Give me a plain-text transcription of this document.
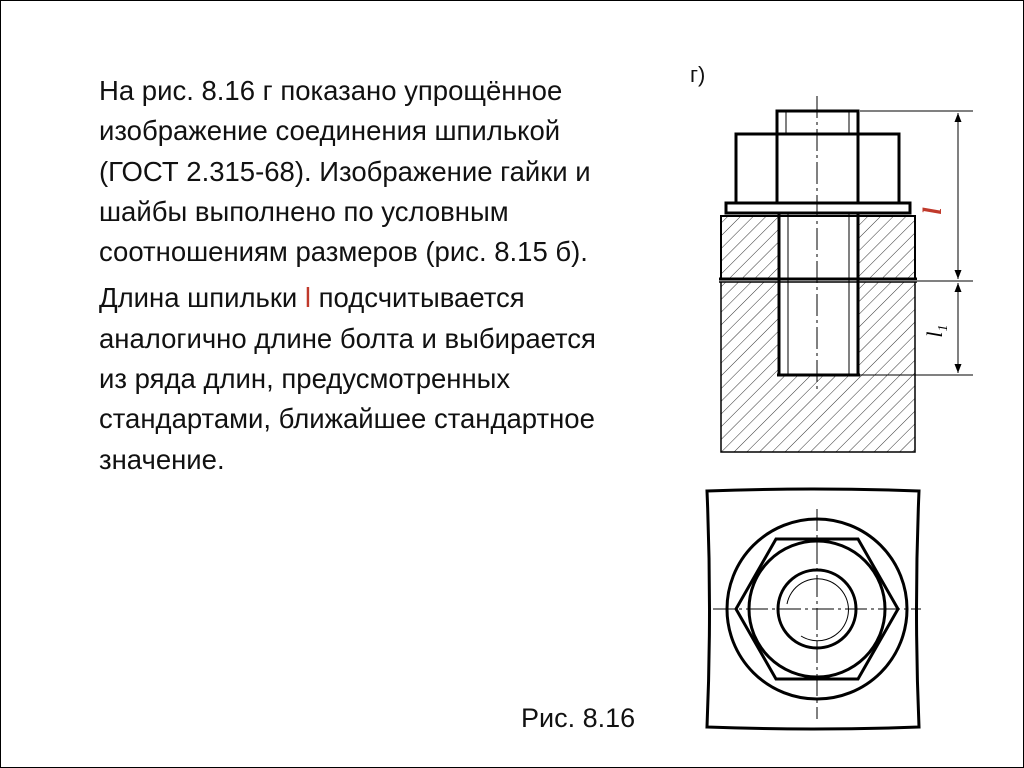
На рис. 8.16 г показано упрощённое изображение соединения шпилькой (ГОСТ 2.315-68). Изображение гайки и шайбы выполнено по условным соотношениям размеров (рис. 8.15 б).

Длина шпильки l подсчитывается аналогично длине болта и выбирается из ряда длин, предусмотренных стандартами, ближайшее стандартное значение.

г)
l
$l_1$
Рис. 8.16
